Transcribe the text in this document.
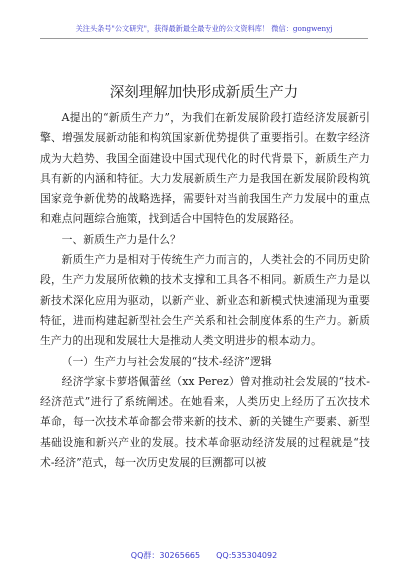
关注头条号"公文研究"，获得最新最全最专业的公文资料库！ 微信：gongwenyj
深刻理解加快形成新质生产力

A提出的“新质生产力”，为我们在新发展阶段打造经济发展新引擎、增强发展新动能和构筑国家新优势提供了重要指引。在数字经济成为大趋势、我国全面建设中国式现代化的时代背景下，新质生产力具有新的内涵和特征。大力发展新质生产力是我国在新发展阶段构筑国家竞争新优势的战略选择，需要针对当前我国生产力发展中的重点和难点问题综合施策，找到适合中国特色的发展路径。

一、新质生产力是什么？

新质生产力是相对于传统生产力而言的，人类社会的不同历史阶段，生产力发展所依赖的技术支撑和工具各不相同。新质生产力是以新技术深化应用为驱动，以新产业、新业态和新模式快速涌现为重要特征，进而构建起新型社会生产关系和社会制度体系的生产力。新质生产力的出现和发展壮大是推动人类文明进步的根本动力。

（一）生产力与社会发展的“技术-经济”逻辑

经济学家卡萝塔佩蕾丝（xx Perez）曾对推动社会发展的“技术-经济范式”进行了系统阐述。在她看来，人类历史上经历了五次技术革命，每一次技术革命都会带来新的技术、新的关键生产要素、新型基础设施和新兴产业的发展。技术革命驱动经济发展的过程就是“技术-经济”范式，每一次历史发展的巨溯都可以被

QQ群：30265665 QQ:535304092
